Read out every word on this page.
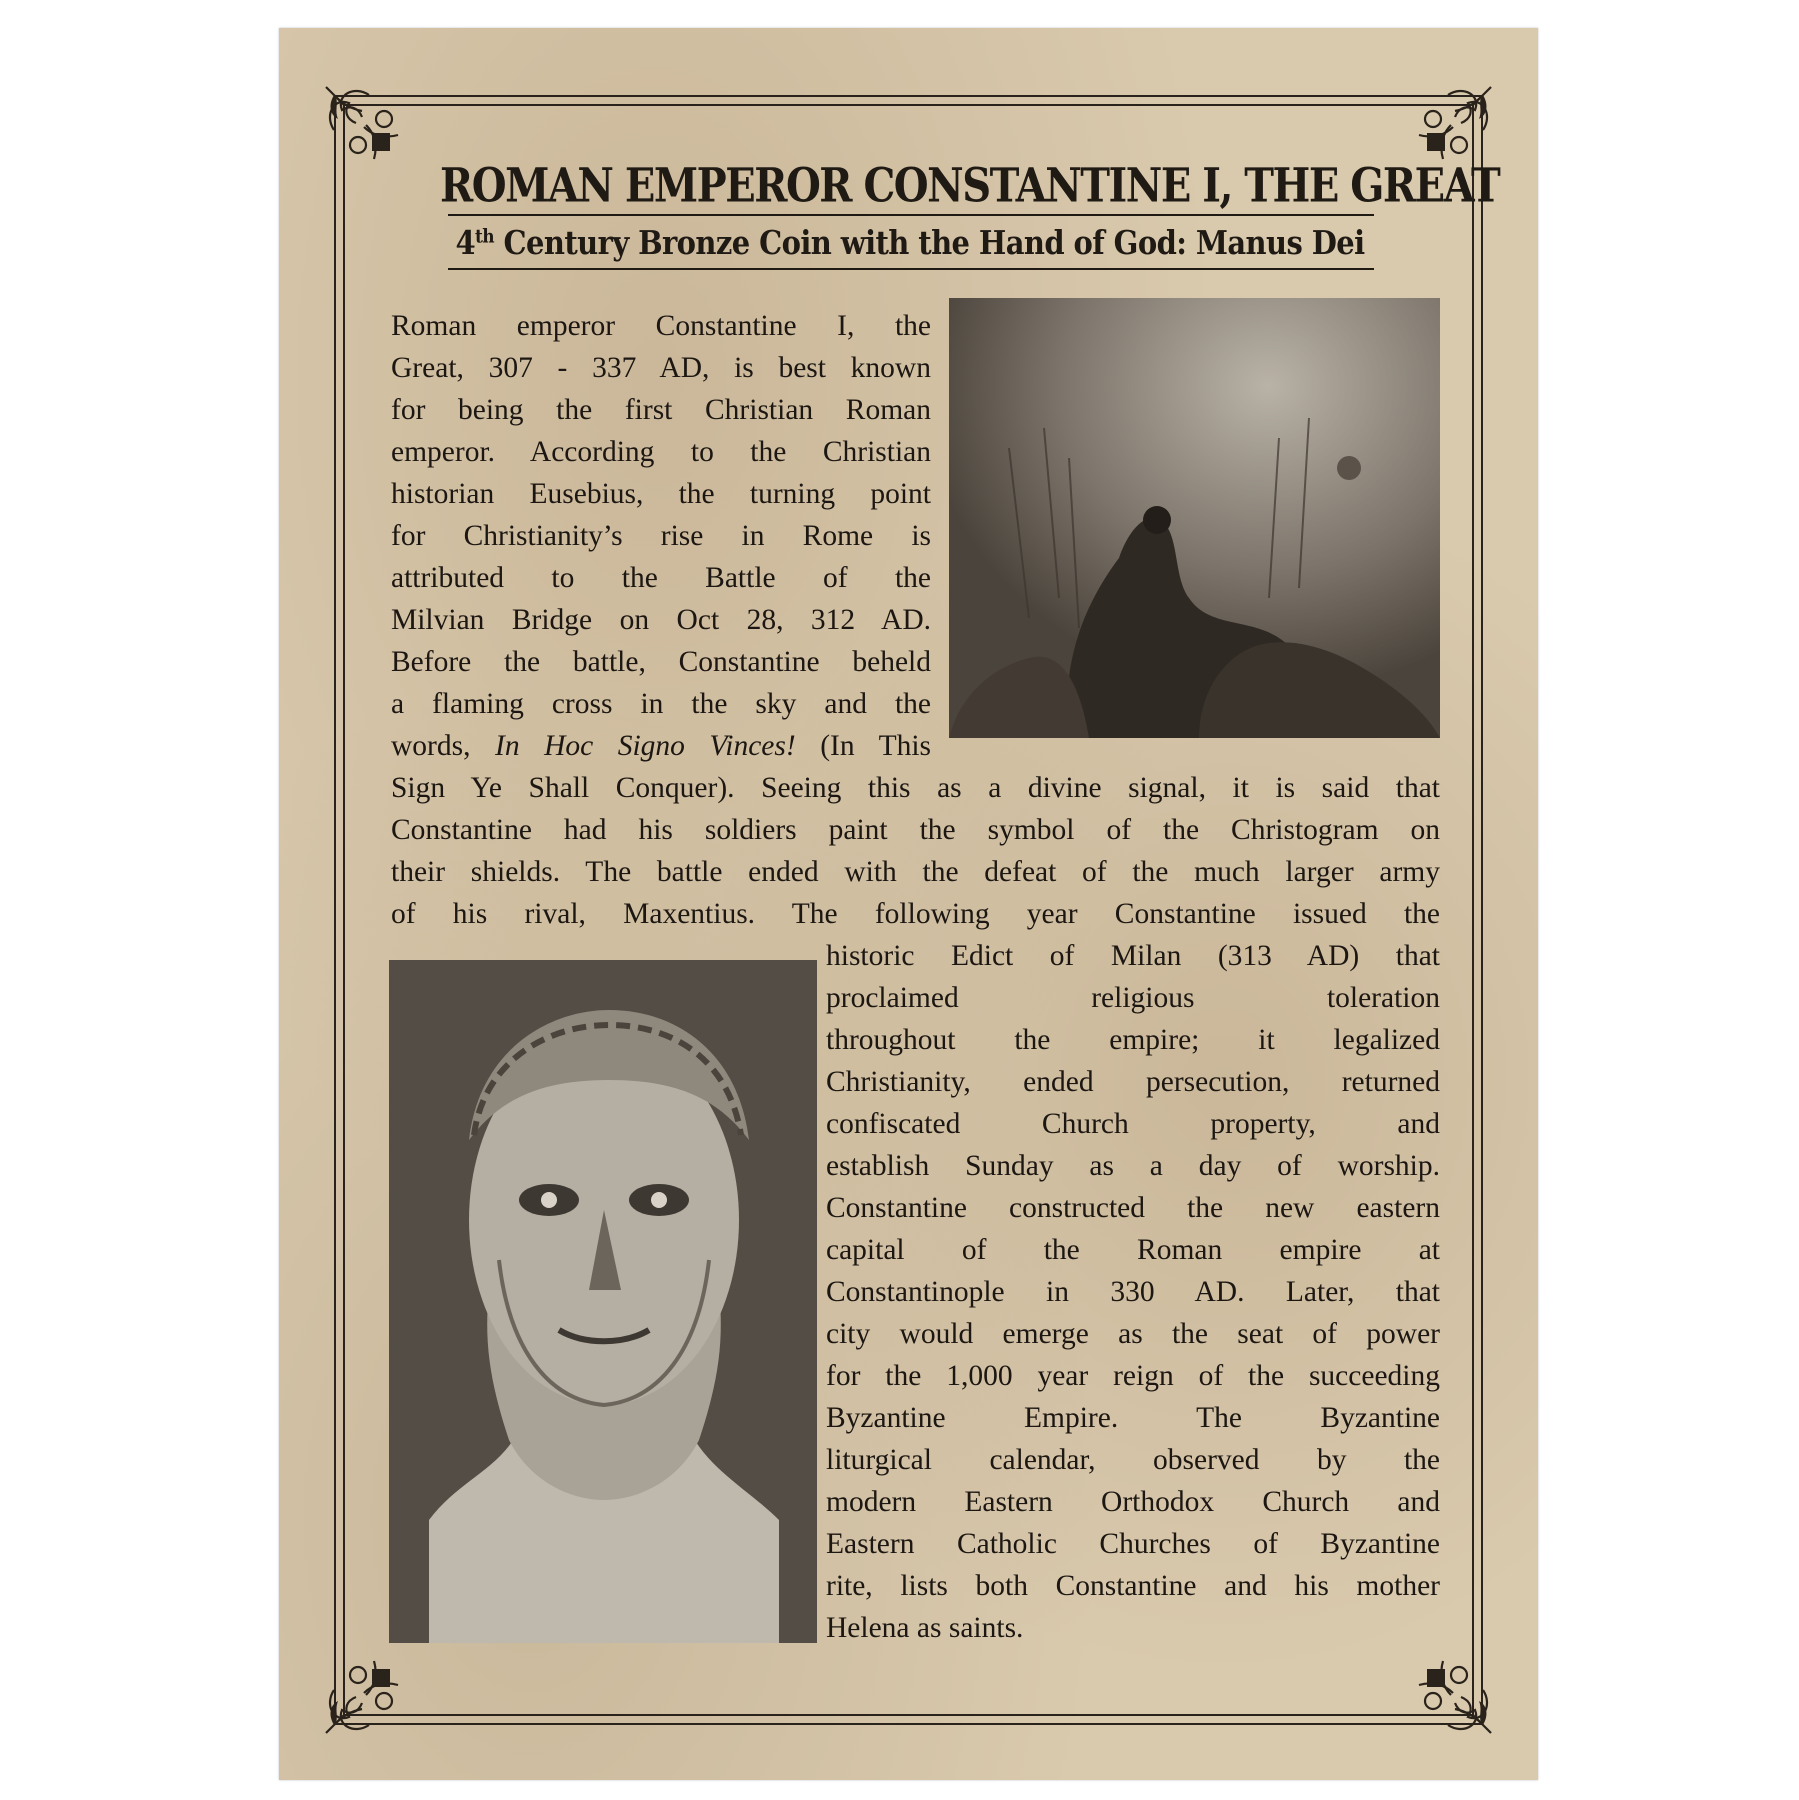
ROMAN EMPEROR CONSTANTINE I, THE GREAT
4th Century Bronze Coin with the Hand of God: Manus Dei
Roman emperor Constantine I, the
Great, 307 - 337 AD, is best known
for being the first Christian Roman
emperor. According to the Christian
historian Eusebius, the turning point
for Christianity’s rise in Rome is
attributed to the Battle of the
Milvian Bridge on Oct 28, 312 AD.
Before the battle, Constantine beheld
a flaming cross in the sky and the
words, In Hoc Signo Vinces! (In This
Sign Ye Shall Conquer). Seeing this as a divine signal, it is said that
Constantine had his soldiers paint the symbol of the Christogram on
their shields. The battle ended with the defeat of the much larger army
of his rival, Maxentius. The following year Constantine issued the
historic Edict of Milan (313 AD) that
proclaimed religious toleration
throughout the empire; it legalized
Christianity, ended persecution, returned
confiscated Church property, and
establish Sunday as a day of worship.
Constantine constructed the new eastern
capital of the Roman empire at
Constantinople in 330 AD. Later, that
city would emerge as the seat of power
for the 1,000 year reign of the succeeding
Byzantine Empire. The Byzantine
liturgical calendar, observed by the
modern Eastern Orthodox Church and
Eastern Catholic Churches of Byzantine
rite, lists both Constantine and his mother
Helena as saints.
